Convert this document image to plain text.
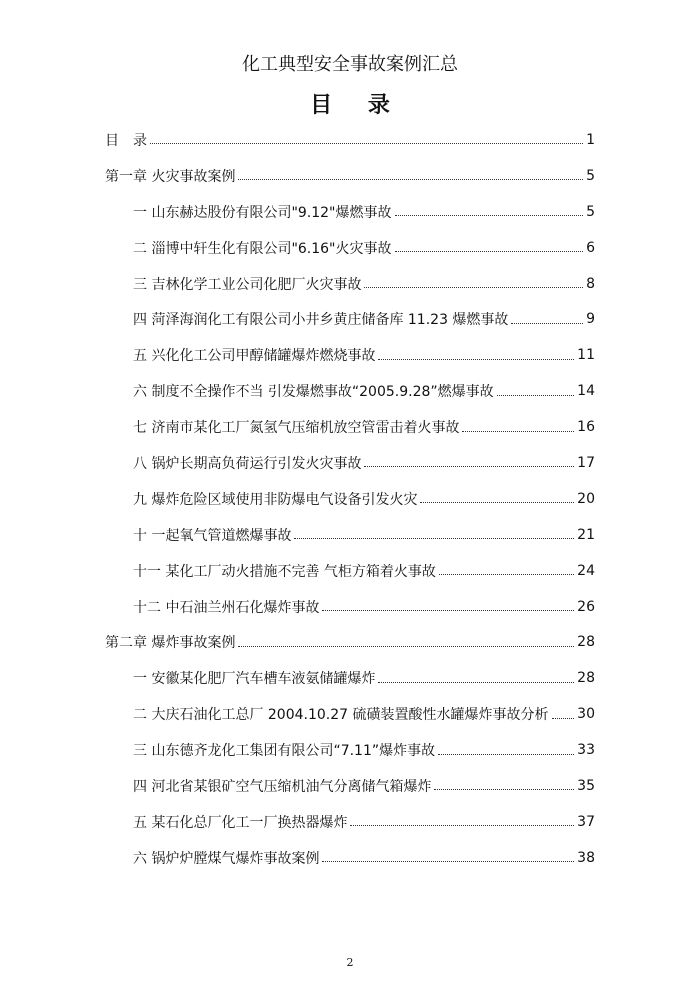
化工典型安全事故案例汇总
目 录
目　录	1
第一章 火灾事故案例	5
一 山东赫达股份有限公司"9.12"爆燃事故	5
二 淄博中轩生化有限公司"6.16"火灾事故	6
三 吉林化学工业公司化肥厂火灾事故	8
四 菏泽海润化工有限公司小井乡黄庄储备库 11.23 爆燃事故	9
五 兴化化工公司甲醇储罐爆炸燃烧事故	11
六 制度不全操作不当 引发爆燃事故“2005.9.28”燃爆事故	14
七 济南市某化工厂氮氢气压缩机放空管雷击着火事故	16
八 锅炉长期高负荷运行引发火灾事故	17
九 爆炸危险区域使用非防爆电气设备引发火灾	20
十 一起氧气管道燃爆事故	21
十一 某化工厂动火措施不完善 气柜方箱着火事故	24
十二 中石油兰州石化爆炸事故	26
第二章 爆炸事故案例	28
一 安徽某化肥厂汽车槽车液氨储罐爆炸	28
二 大庆石油化工总厂 2004.10.27 硫磺装置酸性水罐爆炸事故分析 30
三 山东德齐龙化工集团有限公司“7.11”爆炸事故	33
四 河北省某银矿空气压缩机油气分离储气箱爆炸	35
五 某石化总厂化工一厂换热器爆炸	37
六 锅炉炉膛煤气爆炸事故案例	38
2
